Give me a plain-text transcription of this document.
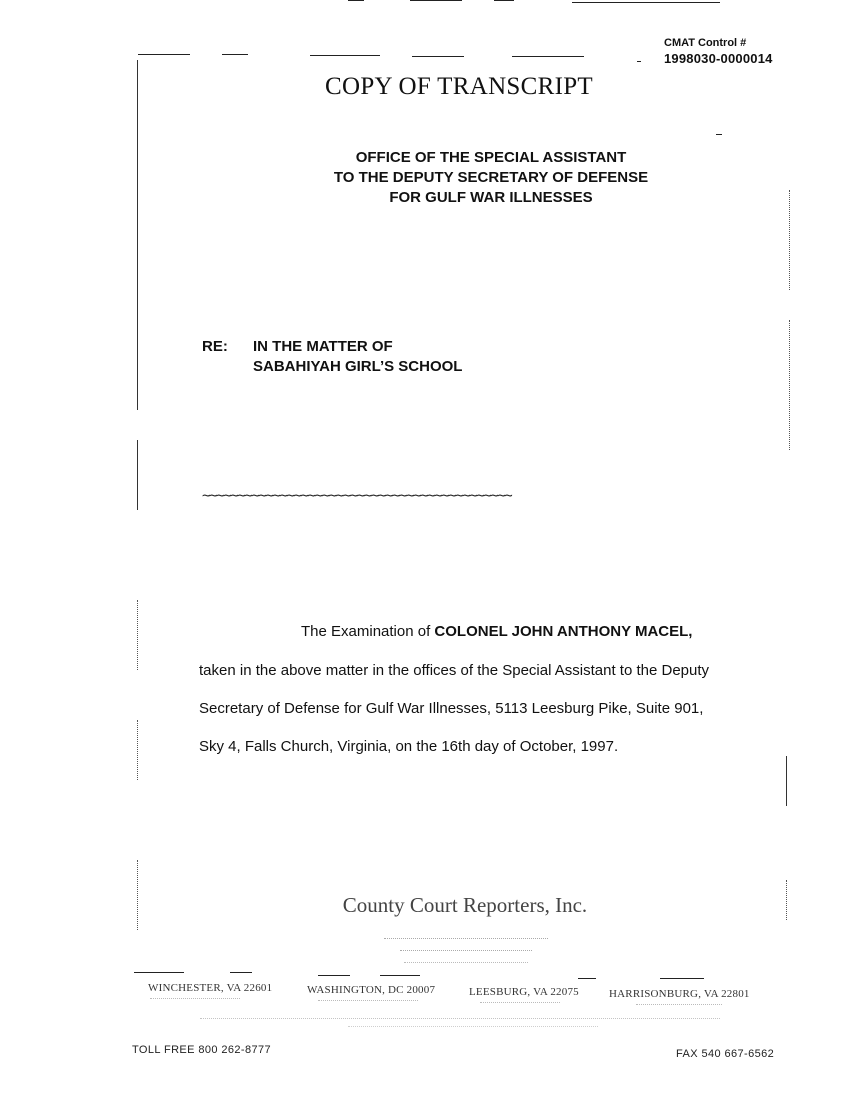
CMAT Control #
1998030-0000014
COPY OF TRANSCRIPT
OFFICE OF THE SPECIAL ASSISTANT
TO THE DEPUTY SECRETARY OF DEFENSE
FOR GULF WAR ILLNESSES
RE: IN THE MATTER OF
SABAHIYAH GIRL’S SCHOOL
~~~~~~~~~~~~~~~~~~~~~~~~~~~~~~~~~~~~~~~~~~~~
The Examination of COLONEL JOHN ANTHONY MACEL,
taken in the above matter in the offices of the Special Assistant to the Deputy
Secretary of Defense for Gulf War Illnesses, 5113 Leesburg Pike, Suite 901,
Sky 4, Falls Church, Virginia, on the 16th day of October, 1997.
County Court Reporters, Inc.
WINCHESTER, VA 22601	WASHINGTON, DC 20007	LEESBURG, VA 22075	HARRISONBURG, VA 22801
TOLL FREE 800 262-8777	FAX 540 667-6562
